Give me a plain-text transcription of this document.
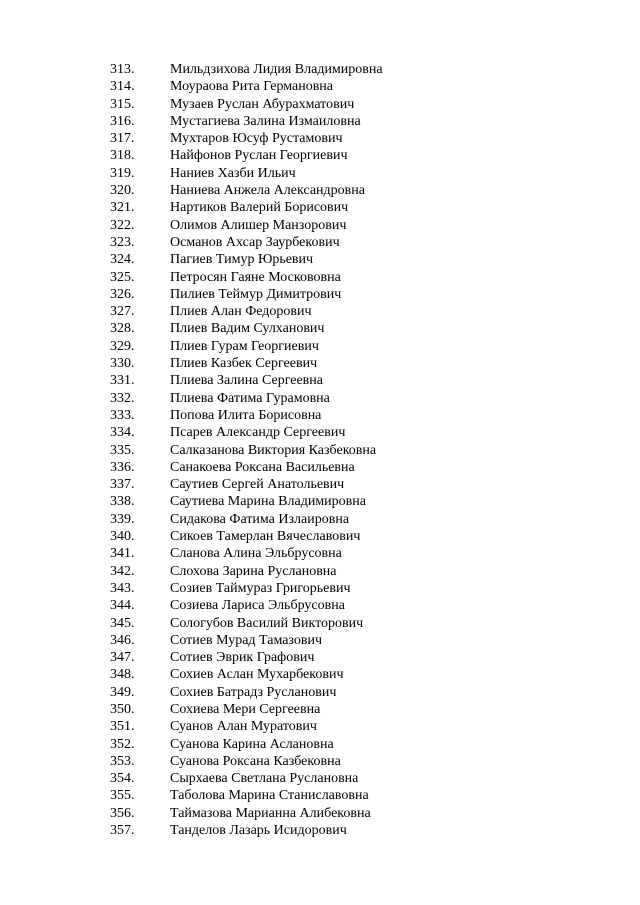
313.	Мильдзихова Лидия Владимировна
314.	Моураова Рита Германовна
315.	Музаев Руслан Абурахматович
316.	Мустагиева Залина Измаиловна
317.	Мухтаров Юсуф Рустамович
318.	Найфонов Руслан Георгиевич
319.	Наниев Хазби Ильич
320.	Наниева Анжела Александровна
321.	Нартиков Валерий Борисович
322.	Олимов Алишер Манзорович
323.	Османов Ахсар Заурбекович
324.	Пагиев Тимур Юрьевич
325.	Петросян Гаяне Москововна
326.	Пилиев Теймур Димитрович
327.	Плиев Алан Федорович
328.	Плиев Вадим Сулханович
329.	Плиев Гурам Георгиевич
330.	Плиев Казбек Сергеевич
331.	Плиева Залина Сергеевна
332.	Плиева Фатима Гурамовна
333.	Попова Илита Борисовна
334.	Псарев Александр Сергеевич
335.	Салказанова Виктория Казбековна
336.	Санакоева Роксана Васильевна
337.	Саутиев Сергей Анатольевич
338.	Саутиева Марина Владимировна
339.	Сидакова Фатима Излаировна
340.	Сикоев Тамерлан Вячеславович
341.	Сланова Алина Эльбрусовна
342.	Слохова Зарина Руслановна
343.	Созиев Таймураз Григорьевич
344.	Созиева Лариса Эльбрусовна
345.	Сологубов Василий Викторович
346.	Сотиев Мурад Тамазович
347.	Сотиев Эврик Графович
348.	Сохиев Аслан Мухарбекович
349.	Сохиев Батрадз Русланович
350.	Сохиева Мери Сергеевна
351.	Суанов Алан Муратович
352.	Суанова Карина Аслановна
353.	Суанова Роксана Казбековна
354.	Сырхаева Светлана Руслановна
355.	Таболова Марина Станиславовна
356.	Таймазова Марианна Алибековна
357.	Танделов Лазарь Исидорович
